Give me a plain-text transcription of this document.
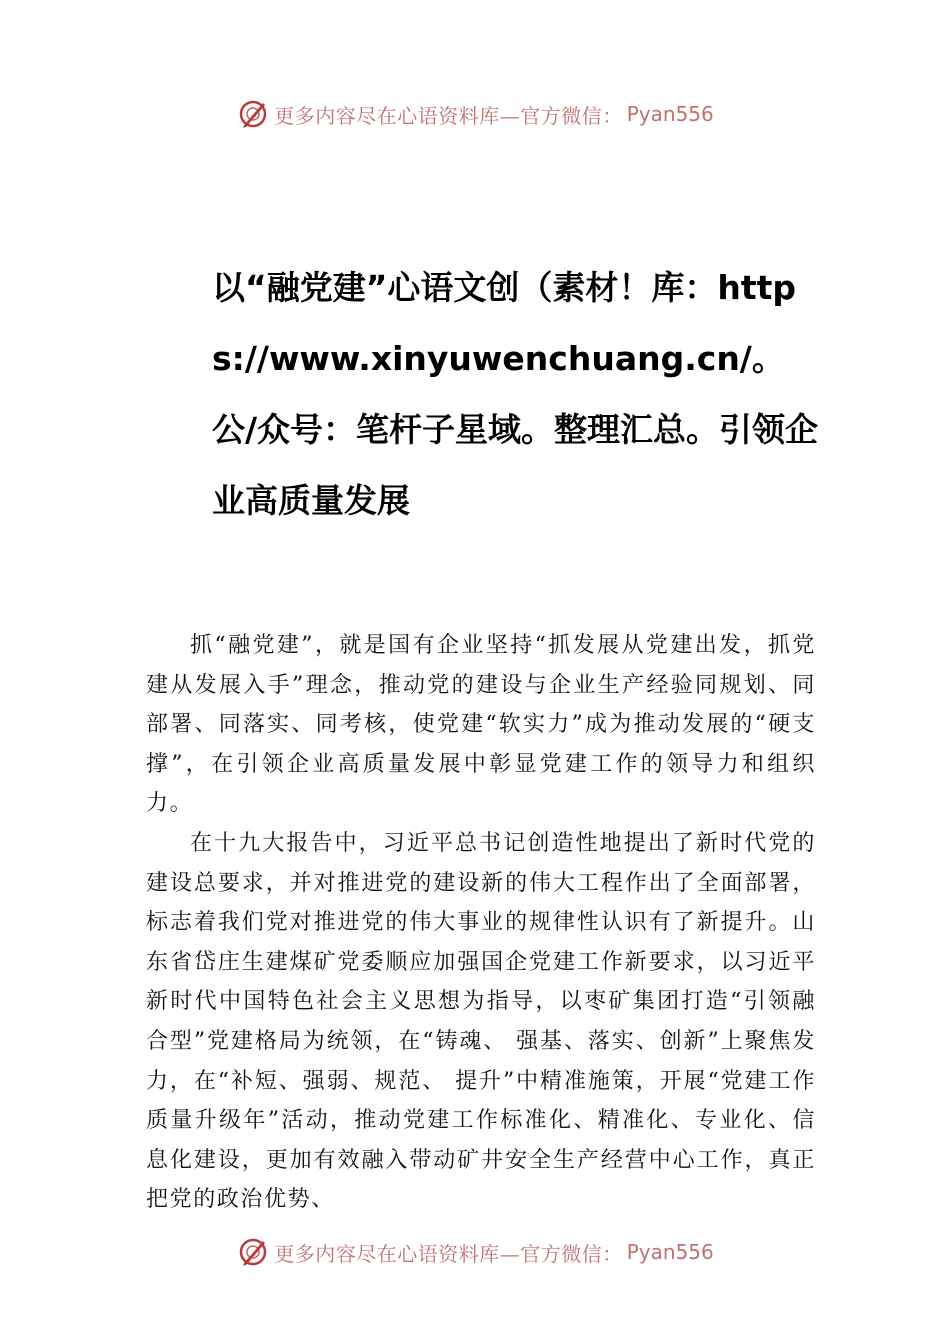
更多内容尽在心语资料库—官方微信： Pyan556
以“融党建”心语文创（素材！库：https://www.xinyuwenchuang.cn/。公/众号：笔杆子星域。整理汇总。引领企业高质量发展

抓“融党建”，就是国有企业坚持“抓发展从党建出发，抓党建从发展入手”理念，推动党的建设与企业生产经验同规划、同部署、同落实、同考核，使党建“软实力”成为推动发展的“硬支撑”，在引领企业高质量发展中彰显党建工作的领导力和组织力。

在十九大报告中，习近平总书记创造性地提出了新时代党的建设总要求，并对推进党的建设新的伟大工程作出了全面部署，标志着我们党对推进党的伟大事业的规律性认识有了新提升。山东省岱庄生建煤矿党委顺应加强国企党建工作新要求，以习近平新时代中国特色社会主义思想为指导，以枣矿集团打造“引领融合型”党建格局为统领，在“铸魂、 强基、落实、创新”上聚焦发力，在“补短、强弱、规范、 提升”中精准施策，开展“党建工作质量升级年”活动，推动党建工作标准化、精准化、专业化、信息化建设，更加有效融入带动矿井安全生产经营中心工作，真正把党的政治优势、

更多内容尽在心语资料库—官方微信： Pyan556
